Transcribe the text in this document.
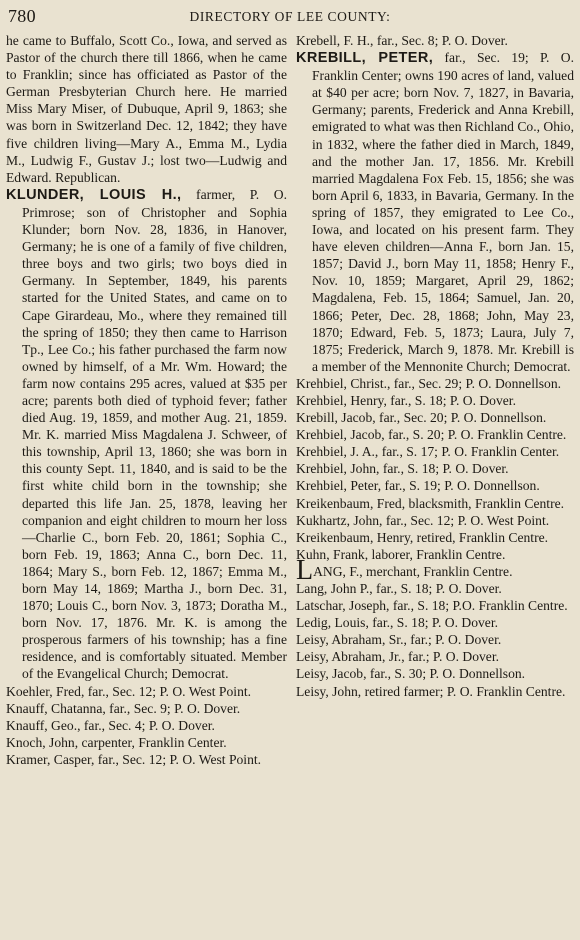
780	DIRECTORY OF LEE COUNTY:

he came to Buffalo, Scott Co., Iowa, and served as Pastor of the church there till 1866, when he came to Franklin; since has officiated as Pastor of the German Presbyterian Church here. He married Miss Mary Miser, of Dubuque, April 9, 1863; she was born in Switzerland Dec. 12, 1842; they have five children living—Mary A., Emma M., Lydia M., Ludwig F., Gustav J.; lost two—Ludwig and Edward. Republican.

KLUNDER, LOUIS H., farmer, P. O. Primrose; son of Christopher and Sophia Klunder; born Nov. 28, 1836, in Hanover, Germany; he is one of a family of five children, three boys and two girls; two boys died in Germany. In September, 1849, his parents started for the United States, and came on to Cape Girardeau, Mo., where they remained till the spring of 1850; they then came to Harrison Tp., Lee Co.; his father purchased the farm now owned by himself, of a Mr. Wm. Howard; the farm now contains 295 acres, valued at $35 per acre; parents both died of typhoid fever; father died Aug. 19, 1859, and mother Aug. 21, 1859. Mr. K. married Miss Magdalena J. Schweer, of this township, April 13, 1860; she was born in this county Sept. 11, 1840, and is said to be the first white child born in the township; she departed this life Jan. 25, 1878, leaving her companion and eight children to mourn her loss—Charlie C., born Feb. 20, 1861; Sophia C., born Feb. 19, 1863; Anna C., born Dec. 11, 1864; Mary S., born Feb. 12, 1867; Emma M., born May 14, 1869; Martha J., born Dec. 31, 1870; Louis C., born Nov. 3, 1873; Doratha M., born Nov. 17, 1876. Mr. K. is among the prosperous farmers of his township; has a fine residence, and is comfortably situated. Member of the Evangelical Church; Democrat.

Koehler, Fred, far., Sec. 12; P. O. West Point.

Knauff, Chatanna, far., Sec. 9; P. O. Dover.

Knauff, Geo., far., Sec. 4; P. O. Dover.

Knoch, John, carpenter, Franklin Center.

Kramer, Casper, far., Sec. 12; P. O. West Point.

Krebell, F. H., far., Sec. 8; P. O. Dover.

KREBILL, PETER, far., Sec. 19; P. O. Franklin Center; owns 190 acres of land, valued at $40 per acre; born Nov. 7, 1827, in Bavaria, Germany; parents, Frederick and Anna Krebill, emigrated to what was then Richland Co., Ohio, in 1832, where the father died in March, 1849, and the mother Jan. 17, 1856. Mr. Krebill married Magdalena Fox Feb. 15, 1856; she was born April 6, 1833, in Bavaria, Germany. In the spring of 1857, they emigrated to Lee Co., Iowa, and located on his present farm. They have eleven children—Anna F., born Jan. 15, 1857; David J., born May 11, 1858; Henry F., Nov. 10, 1859; Margaret, April 29, 1862; Magdalena, Feb. 15, 1864; Samuel, Jan. 20, 1866; Peter, Dec. 28, 1868; John, May 23, 1870; Edward, Feb. 5, 1873; Laura, July 7, 1875; Frederick, March 9, 1878. Mr. Krebill is a member of the Mennonite Church; Democrat.

Krehbiel, Christ., far., Sec. 29; P. O. Donnellson.

Krehbiel, Henry, far., S. 18; P. O. Dover.

Krebill, Jacob, far., Sec. 20; P. O. Donnellson.

Krehbiel, Jacob, far., S. 20; P. O. Franklin Centre.

Krehbiel, J. A., far., S. 17; P. O. Franklin Center.

Krehbiel, John, far., S. 18; P. O. Dover.

Krehbiel, Peter, far., S. 19; P. O. Donnellson.

Kreikenbaum, Fred, blacksmith, Franklin Centre.

Kukhartz, John, far., Sec. 12; P. O. West Point.

Kreikenbaum, Henry, retired, Franklin Centre.

Kuhn, Frank, laborer, Franklin Centre.

LANG, F., merchant, Franklin Centre.

Lang, John P., far., S. 18; P. O. Dover.

Latschar, Joseph, far., S. 18; P.O. Franklin Centre.

Ledig, Louis, far., S. 18; P. O. Dover.

Leisy, Abraham, Sr., far.; P. O. Dover.

Leisy, Abraham, Jr., far.; P. O. Dover.

Leisy, Jacob, far., S. 30; P. O. Donnellson.

Leisy, John, retired farmer; P. O. Franklin Centre.
